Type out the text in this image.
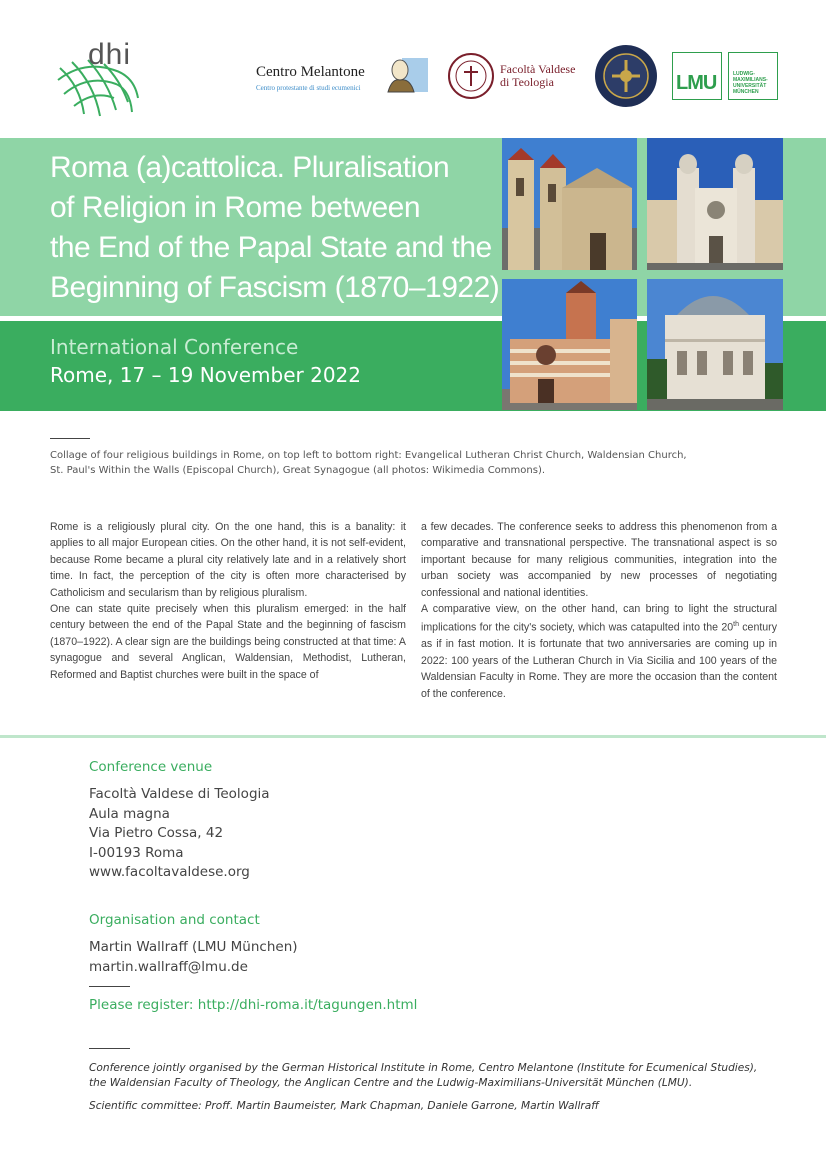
dhi
Centro Melantone
Centro protestante di studi ecumenici
Facoltà Valdese
di Teologia	LMU	LUDWIG-
MAXIMILIANS-
UNIVERSITÄT
MÜNCHEN
Roma (a)cattolica. Pluralisation
of Religion in Rome between
the End of the Papal State and the
Beginning of Fascism (1870–1922)
International Conference
Rome, 17 – 19 November 2022
Collage of four religious buildings in Rome, on top left to bottom right: Evangelical Lutheran Christ Church, Waldensian Church,
St. Paul's Within the Walls (Episcopal Church), Great Synagogue (all photos: Wikimedia Commons).

Rome is a religiously plural city. On the one hand, this is a banality: it applies to all major European cities. On the other hand, it is not self-evident, because Rome became a plural city relatively late and in a relatively short time. In fact, the perception of the city is often more characterised by Catholicism and secularism than by religious pluralism.

One can state quite precisely when this pluralism emerged: in the half century between the end of the Papal State and the beginning of fascism (1870–1922). A clear sign are the buildings being constructed at that time: A synagogue and several Anglican, Waldensian, Methodist, Lutheran, Reformed and Baptist churches were built in the space of

a few decades. The conference seeks to address this phenomenon from a comparative and transnational perspective. The transnational aspect is so important because for many religious communities, integration into the urban society was accompanied by new processes of negotiating confessional and national identities.

A comparative view, on the other hand, can bring to light the structural implications for the city's society, which was catapulted into the 20th century as if in fast motion. It is fortunate that two anniversaries are coming up in 2022: 100 years of the Lutheran Church in Via Sicilia and 100 years of the Waldensian Faculty in Rome. They are more the occasion than the content of the conference.

Conference venue
Facoltà Valdese di Teologia
Aula magna
Via Pietro Cossa, 42
I-00193 Roma
www.facoltavaldese.org
Organisation and contact
Martin Wallraff (LMU München)
martin.wallraff@lmu.de
Please register: http://dhi-roma.it/tagungen.html
Conference jointly organised by the German Historical Institute in Rome, Centro Melantone (Institute for Ecumenical Studies),
the Waldensian Faculty of Theology, the Anglican Centre and the Ludwig-Maximilians-Universität München (LMU).
Scientific committee: Proff. Martin Baumeister, Mark Chapman, Daniele Garrone, Martin Wallraff
